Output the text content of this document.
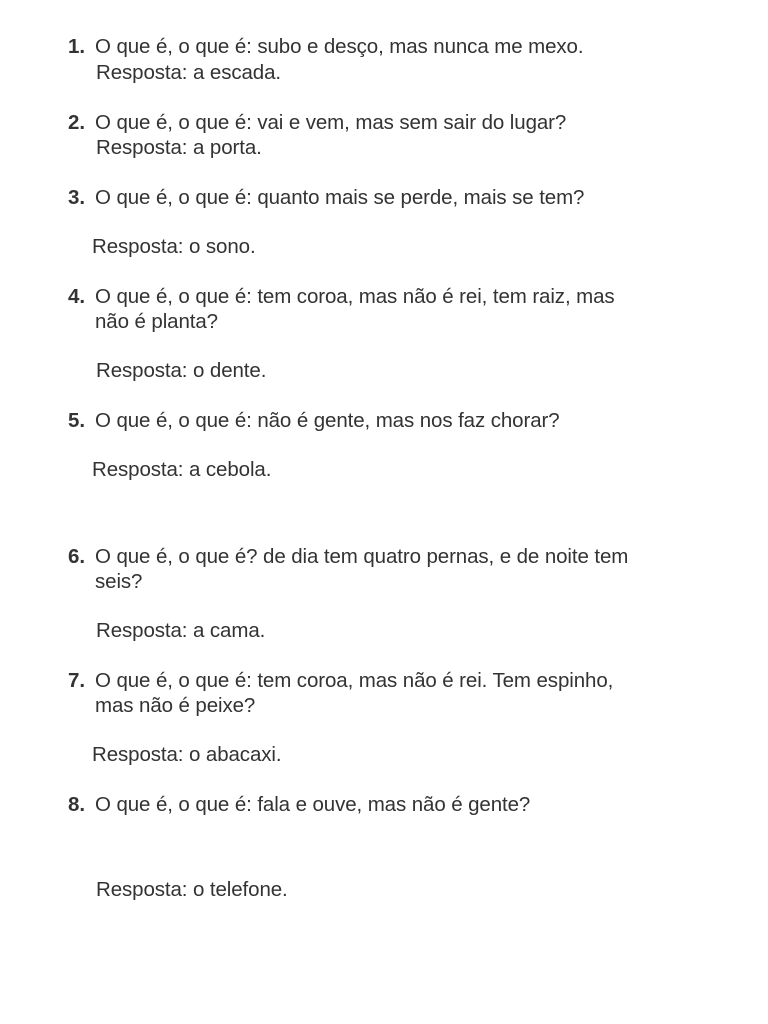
1. O que é, o que é: subo e desço, mas nunca me mexo.
Resposta: a escada.
2. O que é, o que é: vai e vem, mas sem sair do lugar?
Resposta: a porta.
3. O que é, o que é: quanto mais se perde, mais se tem?
Resposta: o sono.
4. O que é, o que é: tem coroa, mas não é rei, tem raiz, mas
não é planta?
Resposta: o dente.
5. O que é, o que é: não é gente, mas nos faz chorar?
Resposta: a cebola.
6. O que é, o que é? de dia tem quatro pernas, e de noite tem
seis?
Resposta: a cama.
7. O que é, o que é: tem coroa, mas não é rei. Tem espinho,
mas não é peixe?
Resposta: o abacaxi.
8. O que é, o que é: fala e ouve, mas não é gente?
Resposta: o telefone.
